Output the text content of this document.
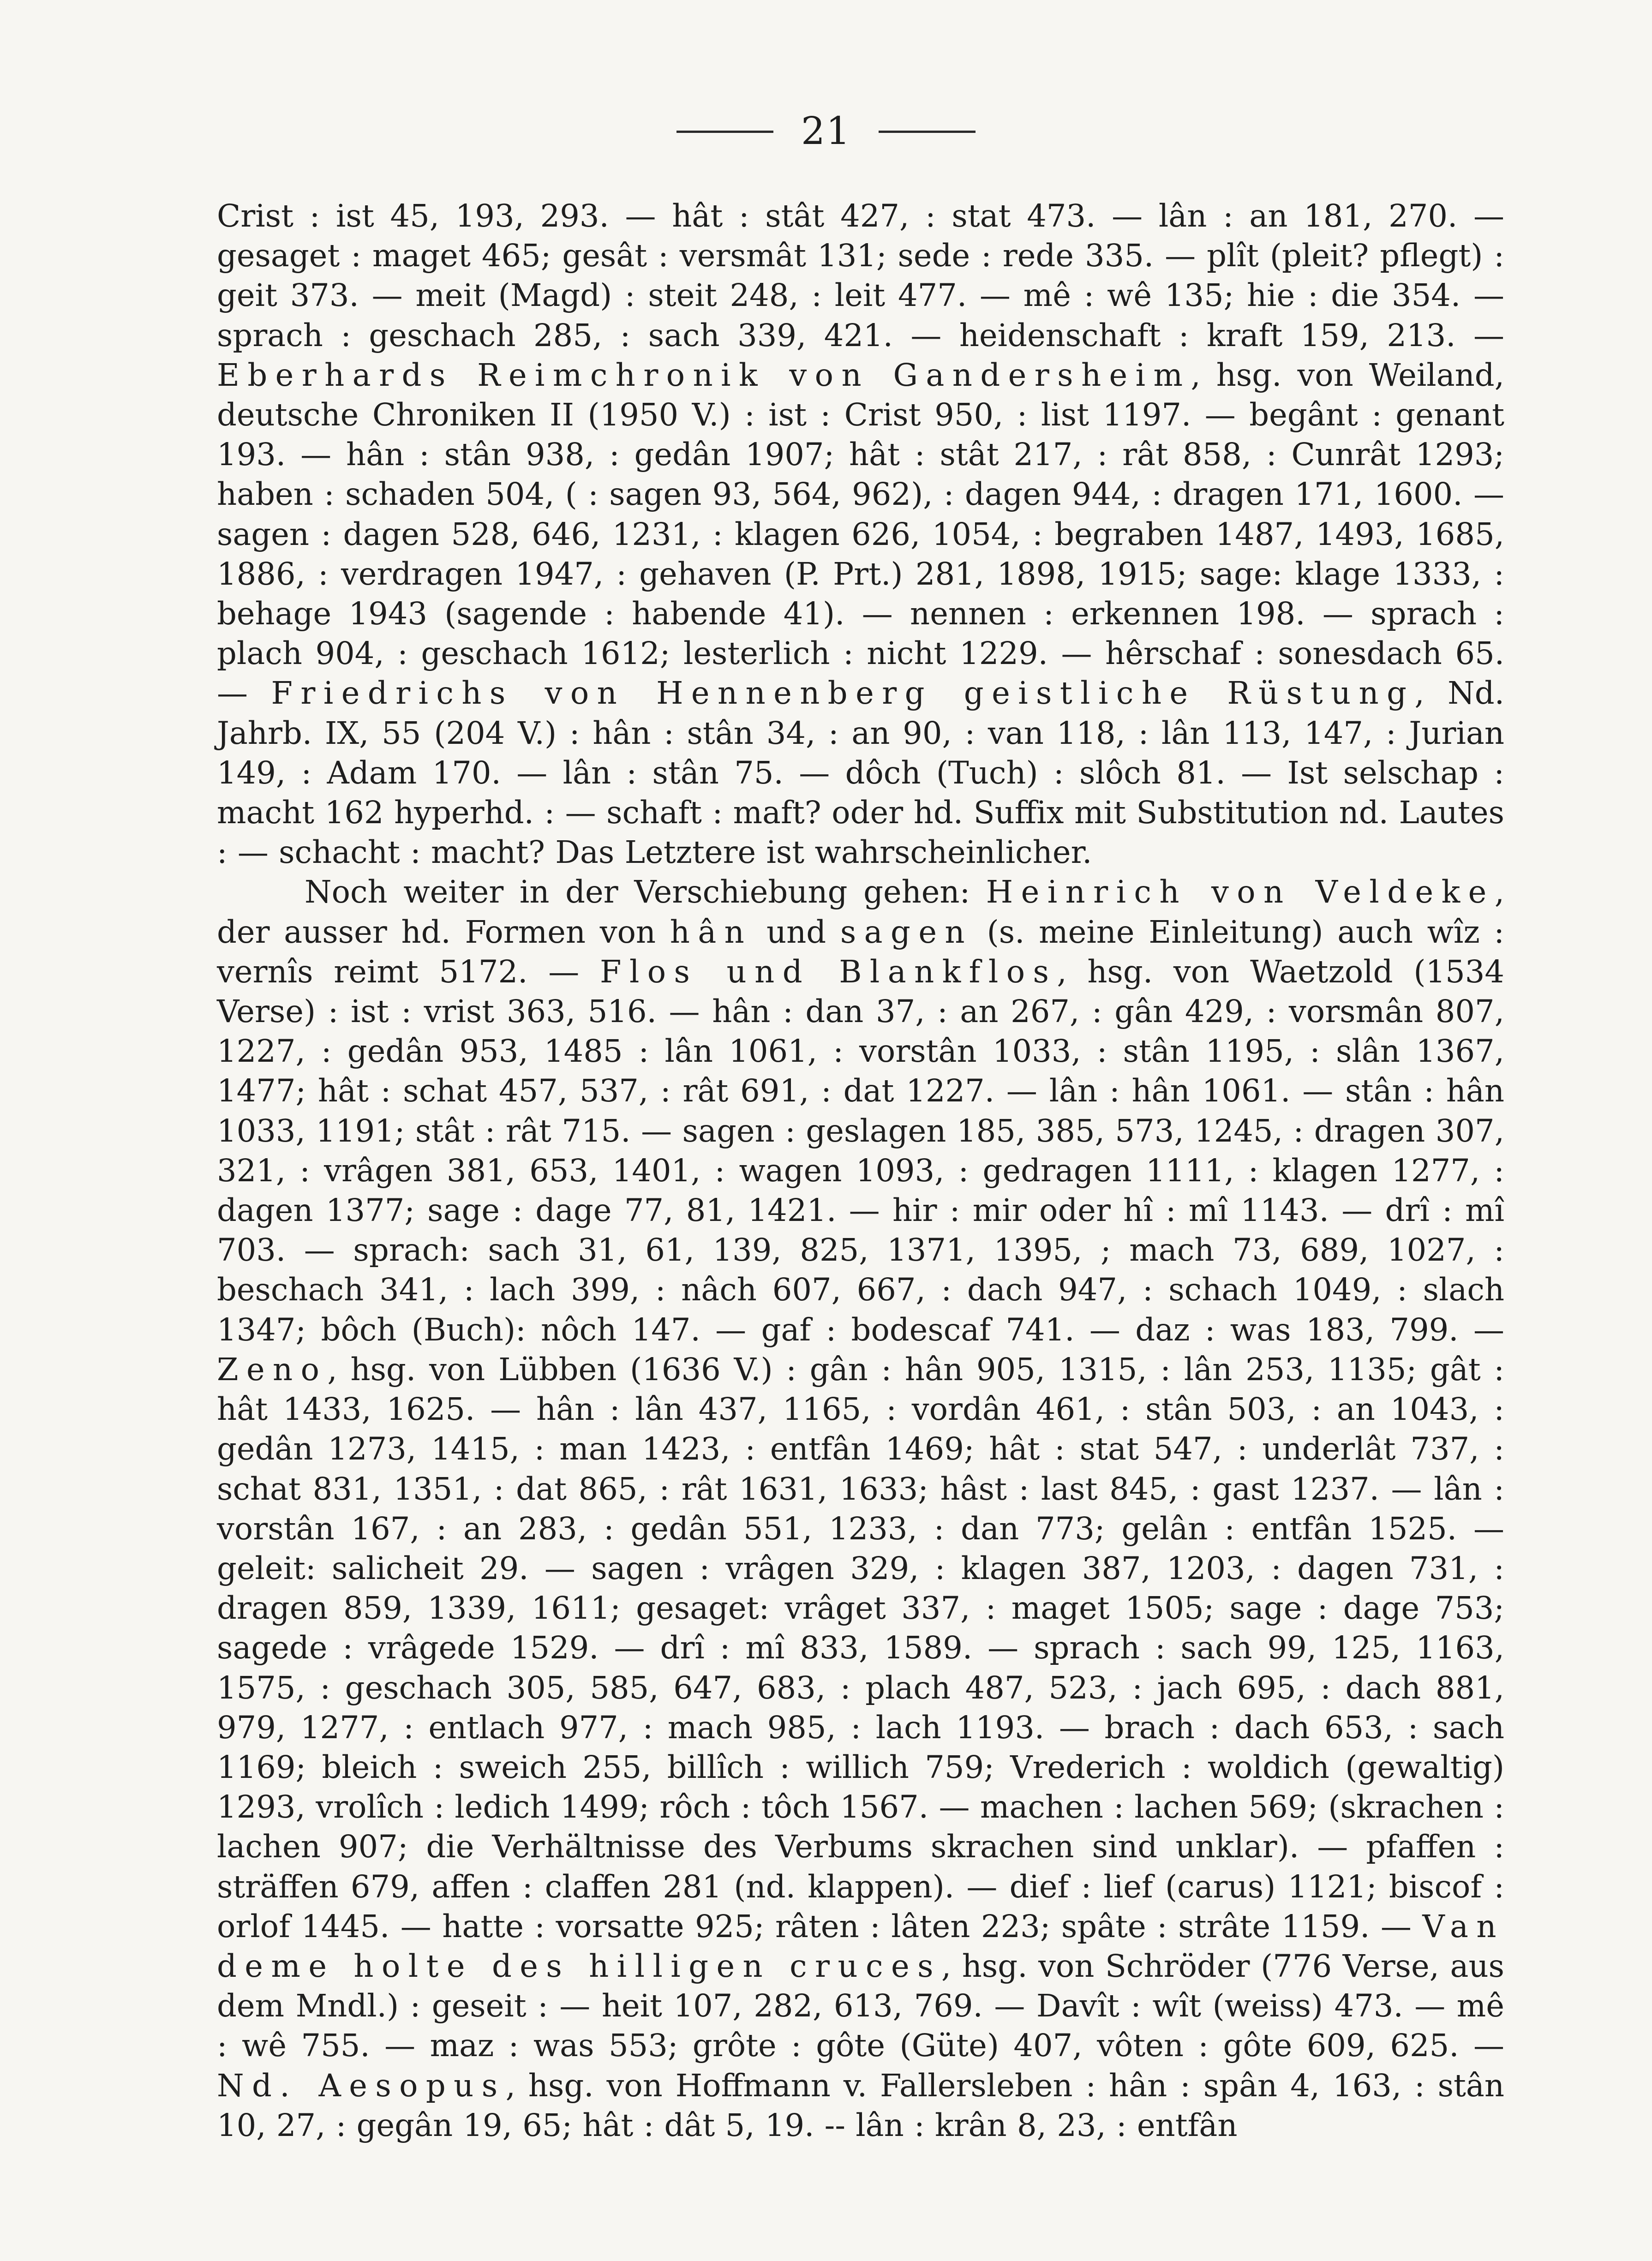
21

Crist : ist 45, 193, 293. — hât : stât 427, : stat 473. — lân : an 181, 270. — gesaget : maget 465; gesât : versmât 131; sede : rede 335. — plît (pleit? pflegt) : geit 373. — meit (Magd) : steit 248, : leit 477. — mê : wê 135; hie : die 354. — sprach : geschach 285, : sach 339, 421. — heidenschaft : kraft 159, 213. — Eberhards Reimchronik von Gandersheim, hsg. von Weiland, deutsche Chroniken II (1950 V.) : ist : Crist 950, : list 1197. — begânt : genant 193. — hân : stân 938, : gedân 1907; hât : stât 217, : rât 858, : Cunrât 1293; haben : schaden 504, ( : sagen 93, 564, 962), : dagen 944, : dragen 171, 1600. — sagen : dagen 528, 646, 1231, : klagen 626, 1054, : begraben 1487, 1493, 1685, 1886, : verdragen 1947, : gehaven (P. Prt.) 281, 1898, 1915; sage: klage 1333, : behage 1943 (sagende : habende 41). — nennen : erkennen 198. — sprach : plach 904, : geschach 1612; lesterlich : nicht 1229. — hêrschaf : sonesdach 65. — Friedrichs von Hennenberg geistliche Rüstung, Nd. Jahrb. IX, 55 (204 V.) : hân : stân 34, : an 90, : van 118, : lân 113, 147, : Jurian 149, : Adam 170. — lân : stân 75. — dôch (Tuch) : slôch 81. — Ist selschap : macht 162 hyperhd. : — schaft : maft? oder hd. Suffix mit Substitution nd. Lautes : — schacht : macht? Das Letztere ist wahrscheinlicher.

Noch weiter in der Verschiebung gehen: Heinrich von Veldeke, der ausser hd. Formen von hân und sagen (s. meine Einleitung) auch wîz : vernîs reimt 5172. — Flos und Blankflos, hsg. von Waetzold (1534 Verse) : ist : vrist 363, 516. — hân : dan 37, : an 267, : gân 429, : vorsmân 807, 1227, : gedân 953, 1485 : lân 1061, : vorstân 1033, : stân 1195, : slân 1367, 1477; hât : schat 457, 537, : rât 691, : dat 1227. — lân : hân 1061. — stân : hân 1033, 1191; stât : rât 715. — sagen : geslagen 185, 385, 573, 1245, : dragen 307, 321, : vrâgen 381, 653, 1401, : wagen 1093, : gedragen 1111, : klagen 1277, : dagen 1377; sage : dage 77, 81, 1421. — hir : mir oder hî : mî 1143. — drî : mî 703. — sprach: sach 31, 61, 139, 825, 1371, 1395, ; mach 73, 689, 1027, : beschach 341, : lach 399, : nâch 607, 667, : dach 947, : schach 1049, : slach 1347; bôch (Buch): nôch 147. — gaf : bodescaf 741. — daz : was 183, 799. — Zeno, hsg. von Lübben (1636 V.) : gân : hân 905, 1315, : lân 253, 1135; gât : hât 1433, 1625. — hân : lân 437, 1165, : vordân 461, : stân 503, : an 1043, : gedân 1273, 1415, : man 1423, : entfân 1469; hât : stat 547, : underlât 737, : schat 831, 1351, : dat 865, : rât 1631, 1633; hâst : last 845, : gast 1237. — lân : vorstân 167, : an 283, : gedân 551, 1233, : dan 773; gelân : entfân 1525. — geleit: salicheit 29. — sagen : vrâgen 329, : klagen 387, 1203, : dagen 731, : dragen 859, 1339, 1611; gesaget: vrâget 337, : maget 1505; sage : dage 753; sagede : vrâgede 1529. — drî : mî 833, 1589. — sprach : sach 99, 125, 1163, 1575, : geschach 305, 585, 647, 683, : plach 487, 523, : jach 695, : dach 881, 979, 1277, : entlach 977, : mach 985, : lach 1193. — brach : dach 653, : sach 1169; bleich : sweich 255, billîch : willich 759; Vrederich : woldich (gewaltig) 1293, vrolîch : ledich 1499; rôch : tôch 1567. — machen : lachen 569; (skrachen : lachen 907; die Verhältnisse des Verbums skrachen sind unklar). — pfaffen : sträffen 679, affen : claffen 281 (nd. klappen). — dief : lief (carus) 1121; biscof : orlof 1445. — hatte : vorsatte 925; râten : lâten 223; spâte : strâte 1159. — Van deme holte des hilligen cruces, hsg. von Schröder (776 Verse, aus dem Mndl.) : geseit : — heit 107, 282, 613, 769. — Davît : wît (weiss) 473. — mê : wê 755. — maz : was 553; grôte : gôte (Güte) 407, vôten : gôte 609, 625. — Nd. Aesopus, hsg. von Hoffmann v. Fallersleben : hân : spân 4, 163, : stân 10, 27, : gegân 19, 65; hât : dât 5, 19. -- lân : krân 8, 23, : entfân
